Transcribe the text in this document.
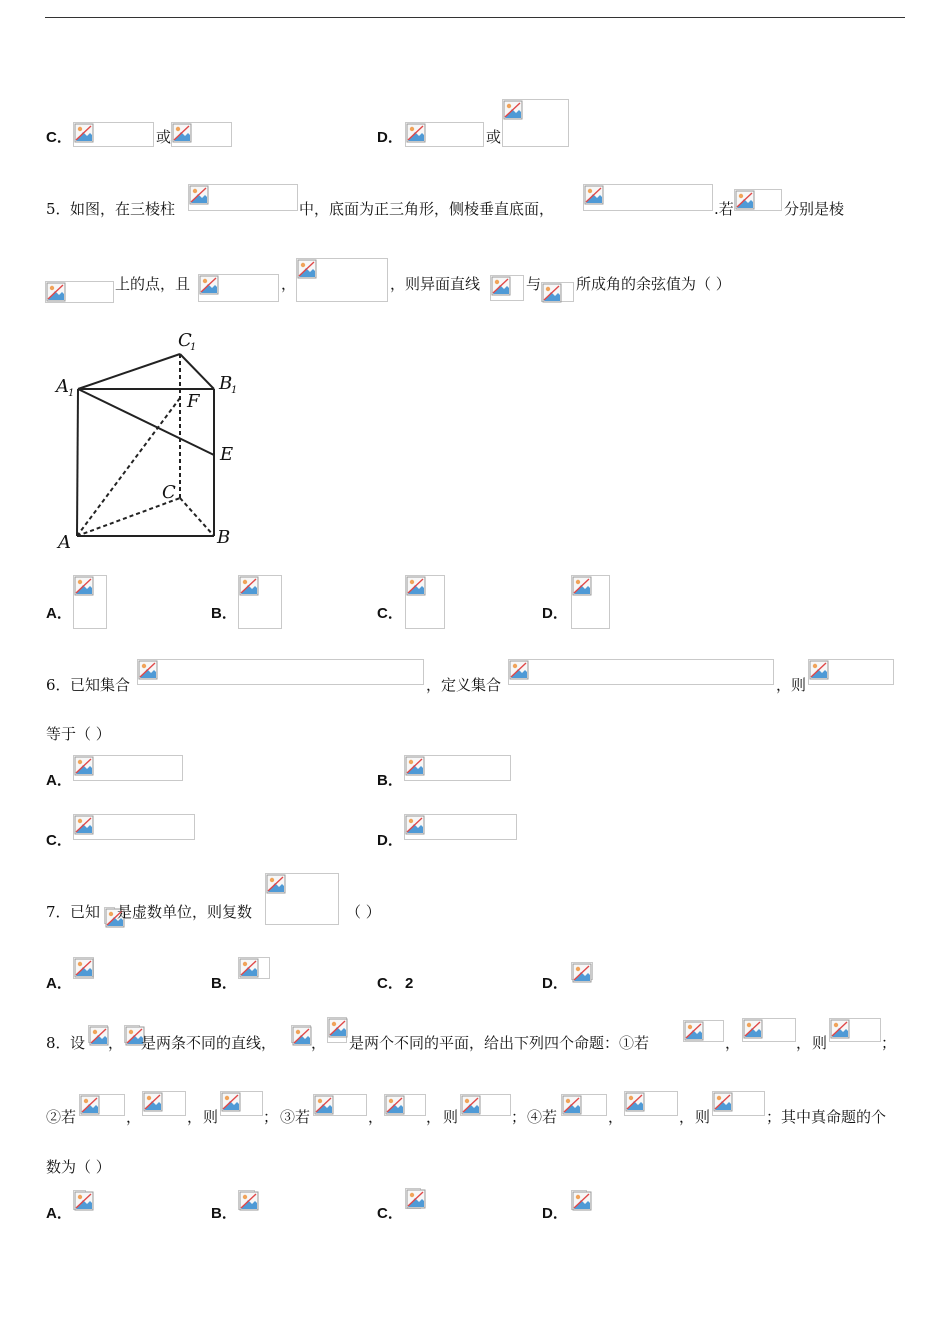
C．	或	D．	或
5． 如图，在三棱柱	中，底面为正三角形，侧棱垂直底面，	.若	分别是棱
上的点，且	，	，则异面直线	与 所成角的余弦值为（ ）
C
1
A 1	B
1
F
E
C
A	B
A．	B．	C．	D．
6． 已知集合	，定义集合	，则
等于（ ）
A．	B．
C．	D．
7． 已知 是虚数单位，则复数	（ ）
A．	B．	C． 2	D．
8． 设 ， 是两条不同的直线， ， 是两个不同的平面，给出下列四个命题：①若	，	， 则	；
②若	，	， 则	； ③若	，	， 则	； ④若	，	， 则	；其中真命题的个
数为（ ）
A．	B．	C．	D．
